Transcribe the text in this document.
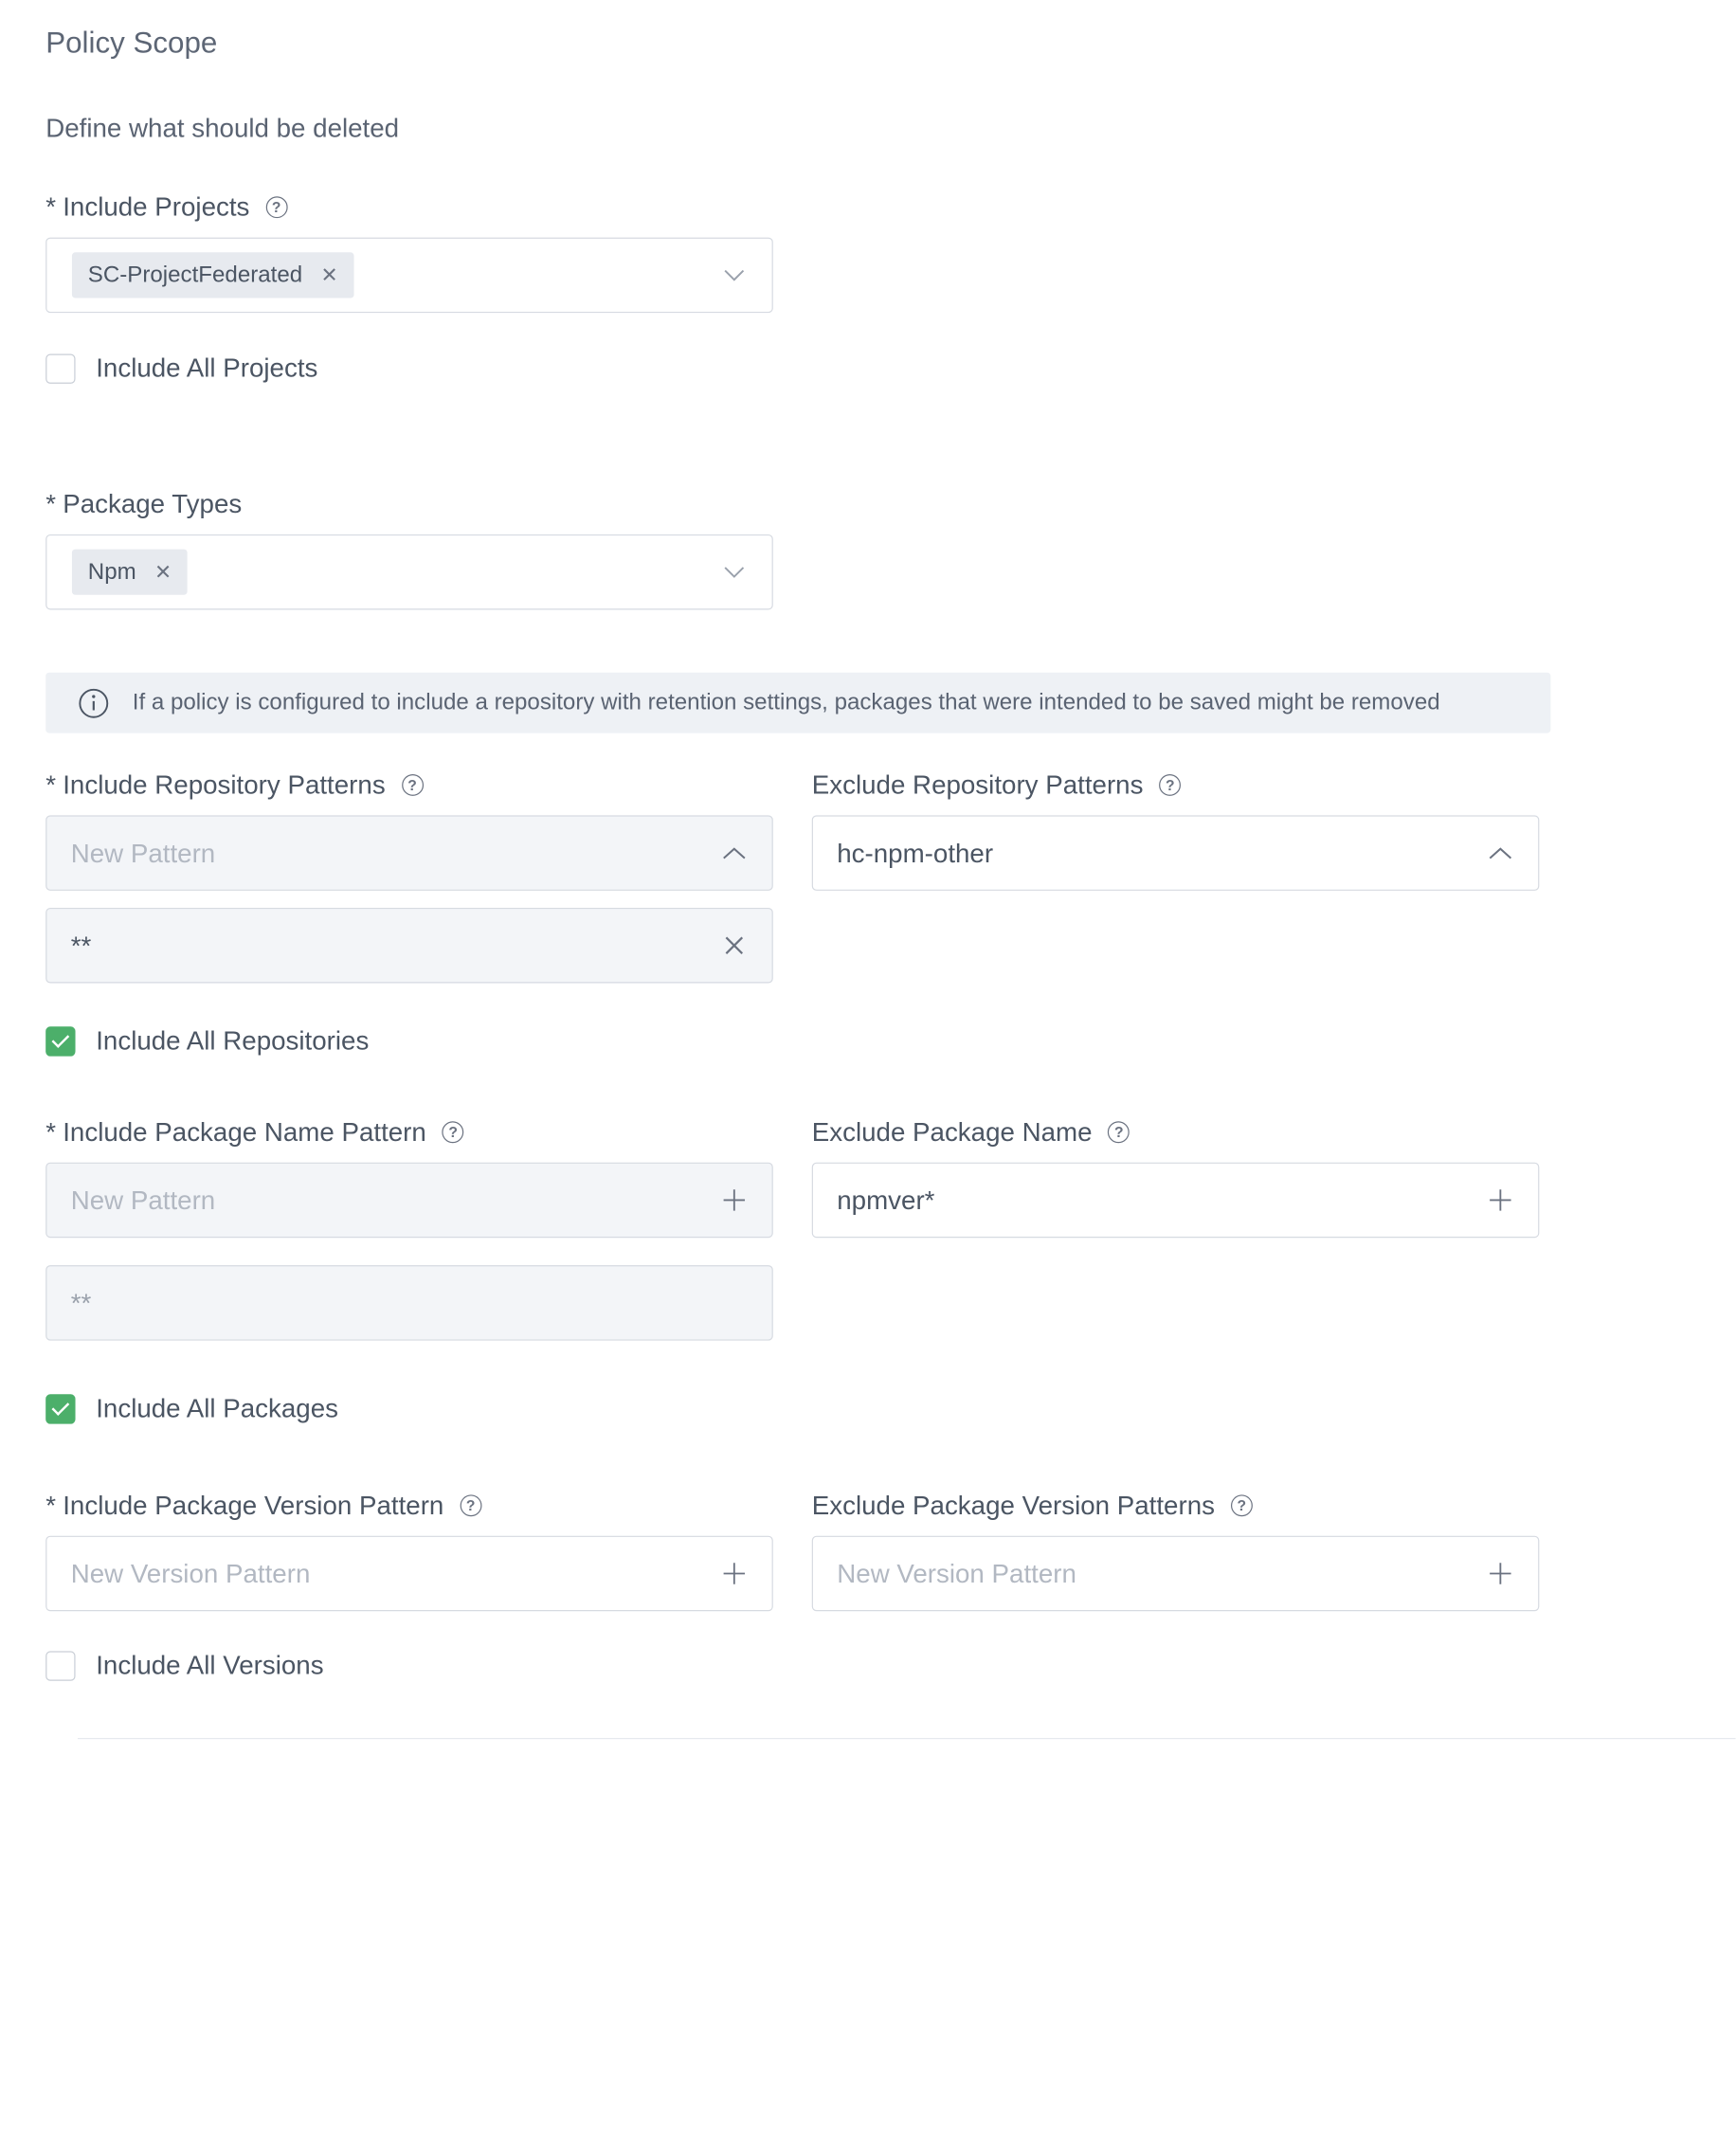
Policy Scope
Define what should be deleted
* Include Projects	?
SC-ProjectFederated ✕
Include All Projects
* Package Types
Npm ✕
If a policy is configured to include a repository with retention settings, packages that were intended to be saved might be removed
* Include Repository Patterns	?
New Pattern
**
Include All Repositories
Exclude Repository Patterns	?
hc-npm-other
* Include Package Name Pattern	?
New Pattern
**
Include All Packages
Exclude Package Name	?
npmver*
* Include Package Version Pattern	?
New Version Pattern
Include All Versions
Exclude Package Version Patterns	?
New Version Pattern
